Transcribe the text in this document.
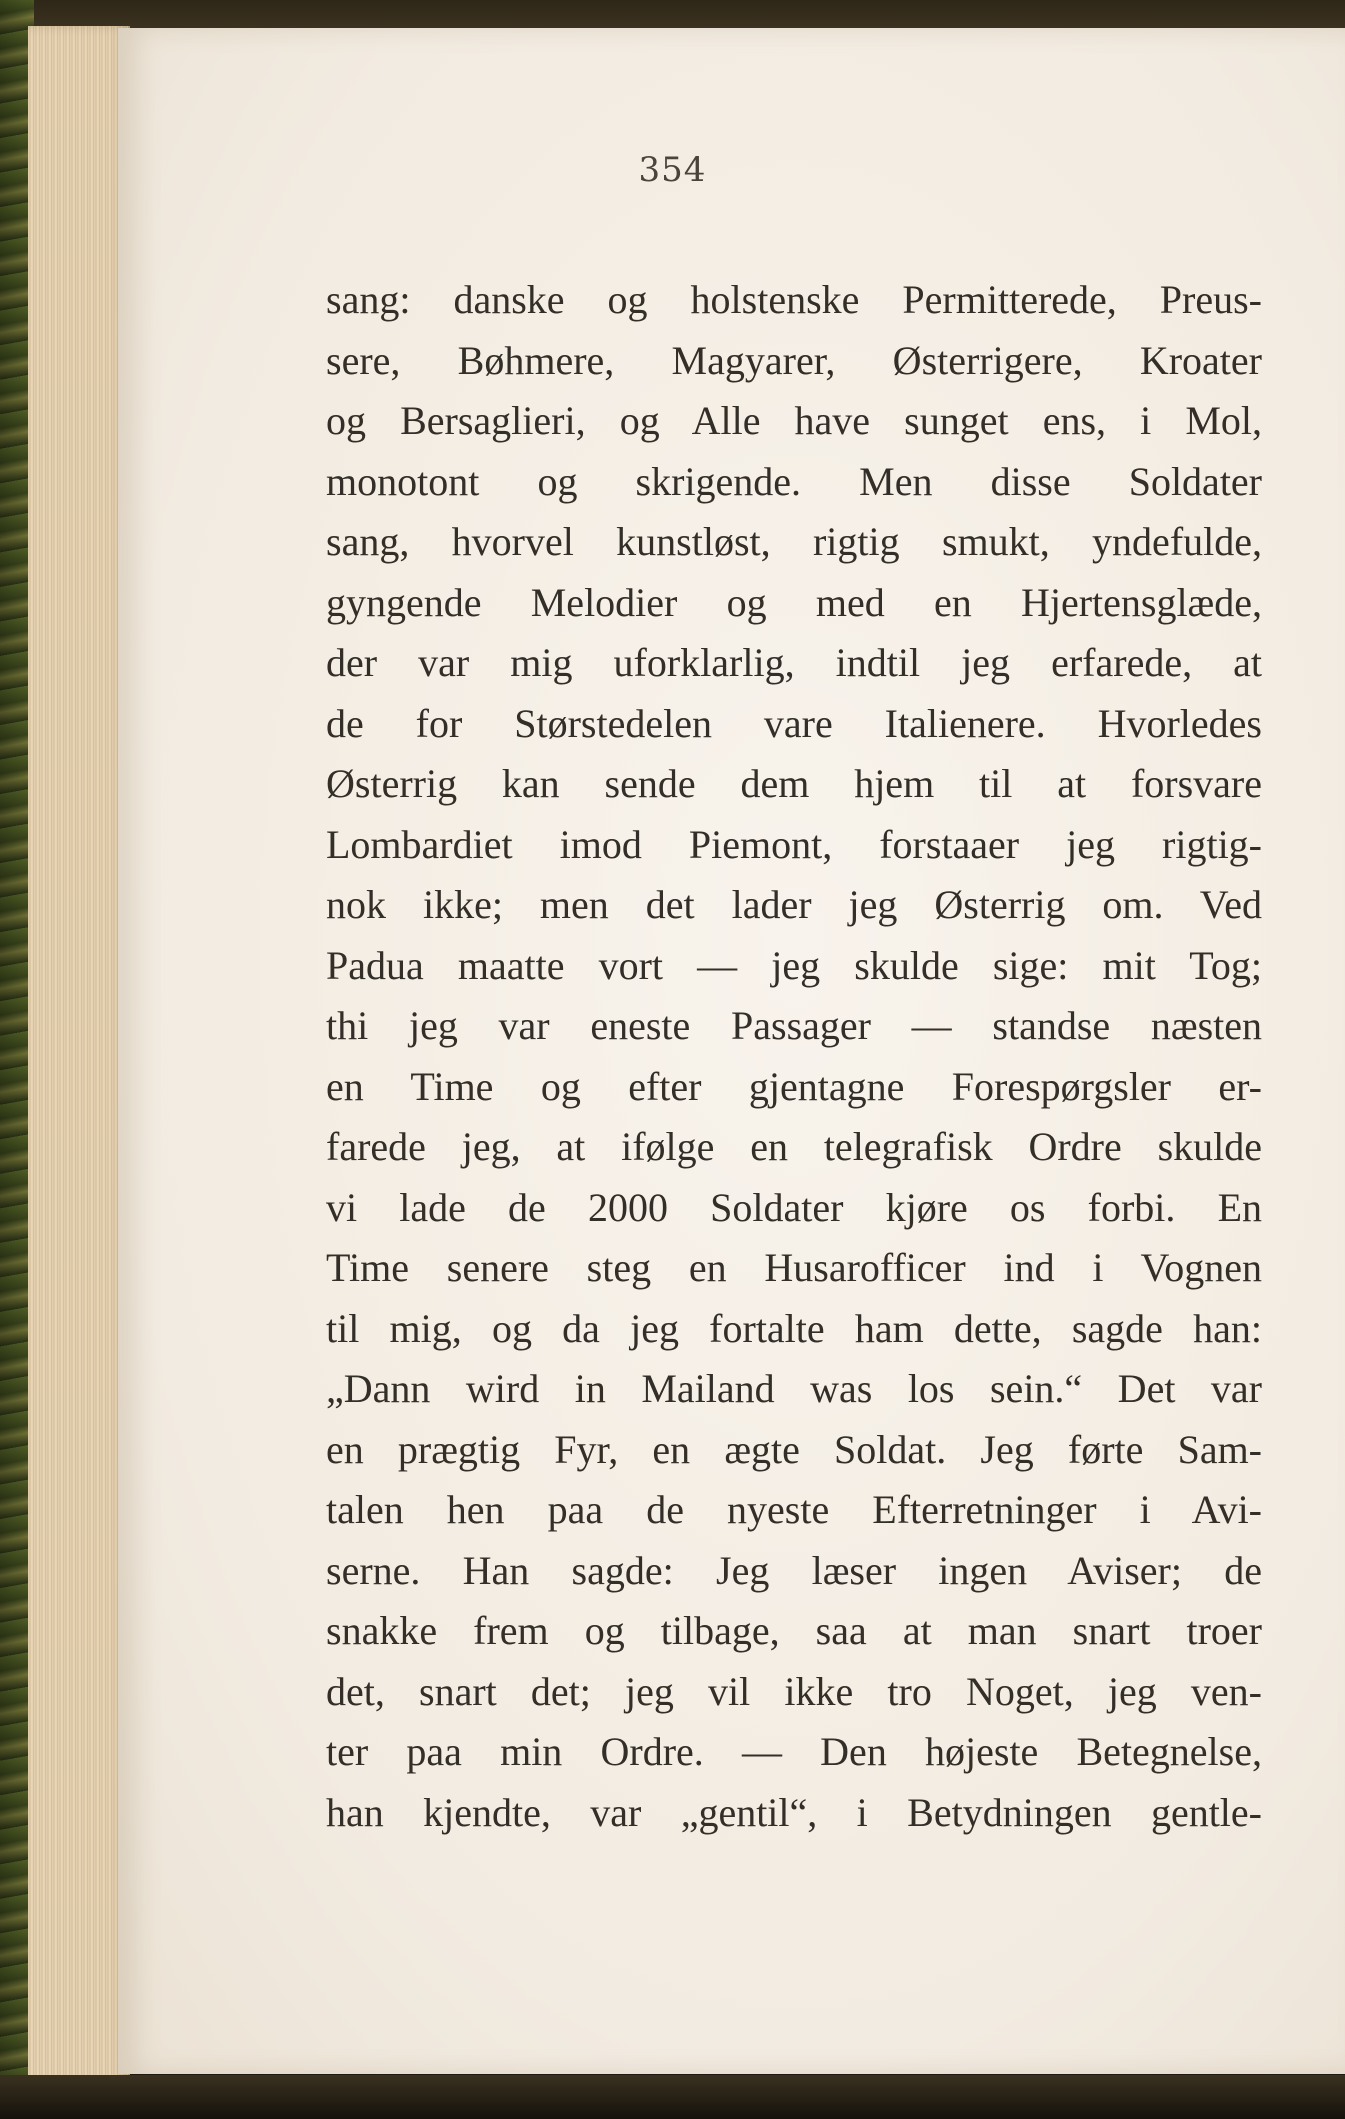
354
sang: danske og holstenske Permitterede, Preus-
sere, Bøhmere, Magyarer, Østerrigere, Kroater
og Bersaglieri, og Alle have sunget ens, i Mol,
monotont og skrigende. Men disse Soldater
sang, hvorvel kunstløst, rigtig smukt, yndefulde,
gyngende Melodier og med en Hjertensglæde,
der var mig uforklarlig, indtil jeg erfarede, at
de for Størstedelen vare Italienere. Hvorledes
Østerrig kan sende dem hjem til at forsvare
Lombardiet imod Piemont, forstaaer jeg rigtig-
nok ikke; men det lader jeg Østerrig om. Ved
Padua maatte vort — jeg skulde sige: mit Tog;
thi jeg var eneste Passager — standse næsten
en Time og efter gjentagne Forespørgsler er-
farede jeg, at ifølge en telegrafisk Ordre skulde
vi lade de 2000 Soldater kjøre os forbi. En
Time senere steg en Husarofficer ind i Vognen
til mig, og da jeg fortalte ham dette, sagde han:
„Dann wird in Mailand was los sein.“ Det var
en prægtig Fyr, en ægte Soldat. Jeg førte Sam-
talen hen paa de nyeste Efterretninger i Avi-
serne. Han sagde: Jeg læser ingen Aviser; de
snakke frem og tilbage, saa at man snart troer
det, snart det; jeg vil ikke tro Noget, jeg ven-
ter paa min Ordre. — Den højeste Betegnelse,
han kjendte, var „gentil“, i Betydningen gentle-
